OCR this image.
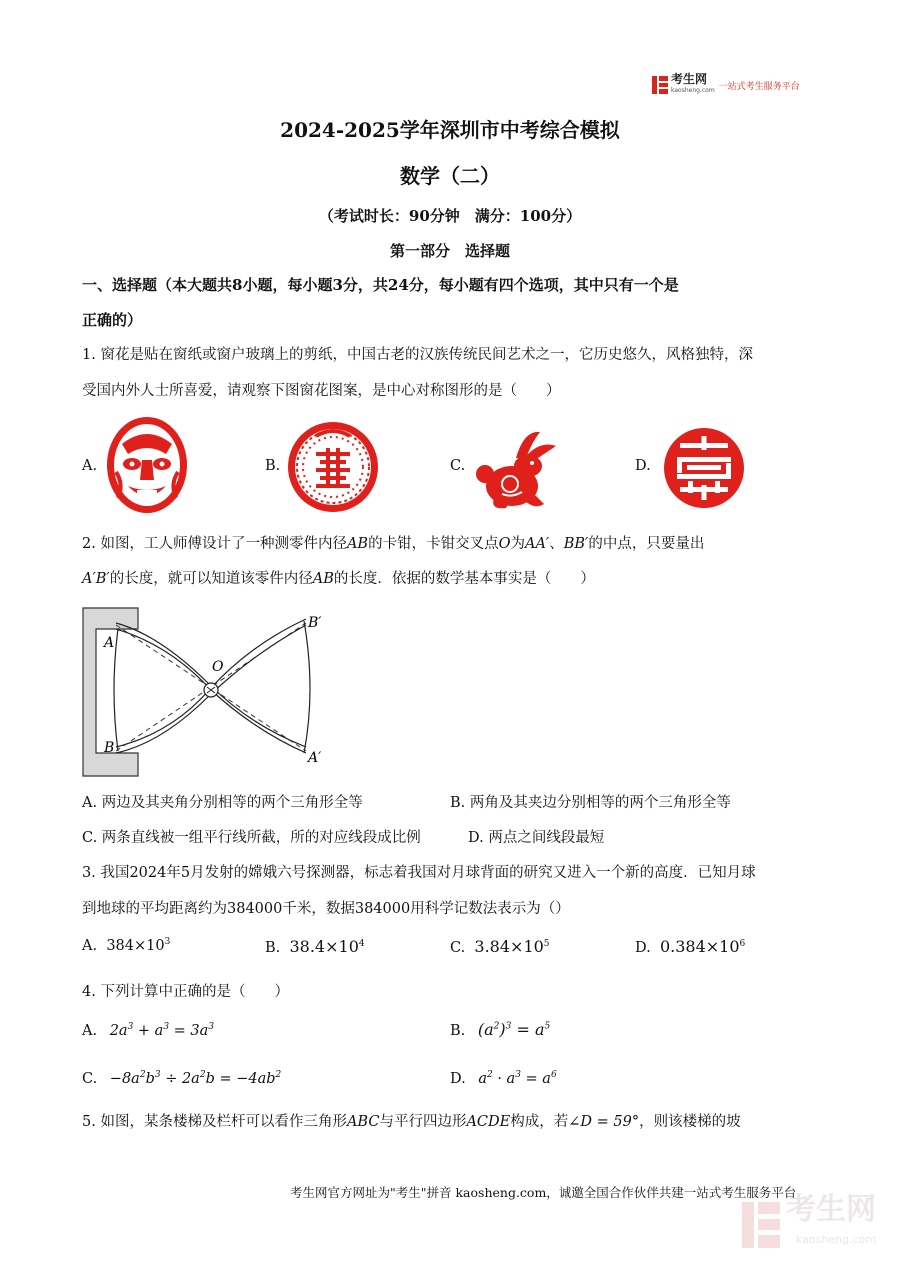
考生网
kaosheng.com 一站式考生服务平台
2024-2025学年深圳市中考综合模拟
数学（二）
（考试时长：90分钟　满分：100分）
第一部分　选择题
一、选择题（本大题共8小题，每小题3分，共24分，每小题有四个选项，其中只有一个是
正确的）
1. 窗花是贴在窗纸或窗户玻璃上的剪纸，中国古老的汉族传统民间艺术之一，它历史悠久，风格独特，深
受国内外人士所喜爱，请观察下图窗花图案，是中心对称图形的是（　　）
A.	B.	C.	D.
2. 如图，工人师傅设计了一种测零件内径AB的卡钳，卡钳交叉点O为AA′、BB′的中点，只要量出
A′B′的长度，就可以知道该零件内径AB的长度．依据的数学基本事实是（　　）
A
B
O
B′
A′
A. 两边及其夹角分别相等的两个三角形全等	B. 两角及其夹边分别相等的两个三角形全等
C. 两条直线被一组平行线所截，所的对应线段成比例	D. 两点之间线段最短
3. 我国2024年5月发射的嫦娥六号探测器，标志着我国对月球背面的研究又进入一个新的高度．已知月球
到地球的平均距离约为384000千米，数据384000用科学记数法表示为（）
A. $384\times 10^3$	B. $38.4\times 10^4$	C. $3.84\times 10^5$	D. $0.384\times 10^6$
4. 下列计算中正确的是（　　）
A. $2a^3 + a^3 = 3a^3$	B. $(a^2)^3 = a^5$
C. $-8a^2b^3 \div 2a^2b = -4ab^2$	D. $a^2 \cdot a^3 = a^6$
5. 如图，某条楼梯及栏杆可以看作三角形ABC与平行四边形ACDE构成，若∠D = 59°，则该楼梯的坡
考生网官方网址为"考生"拼音 kaosheng.com，诚邀全国合作伙伴共建一站式考生服务平台
考生网
kaosheng.com
